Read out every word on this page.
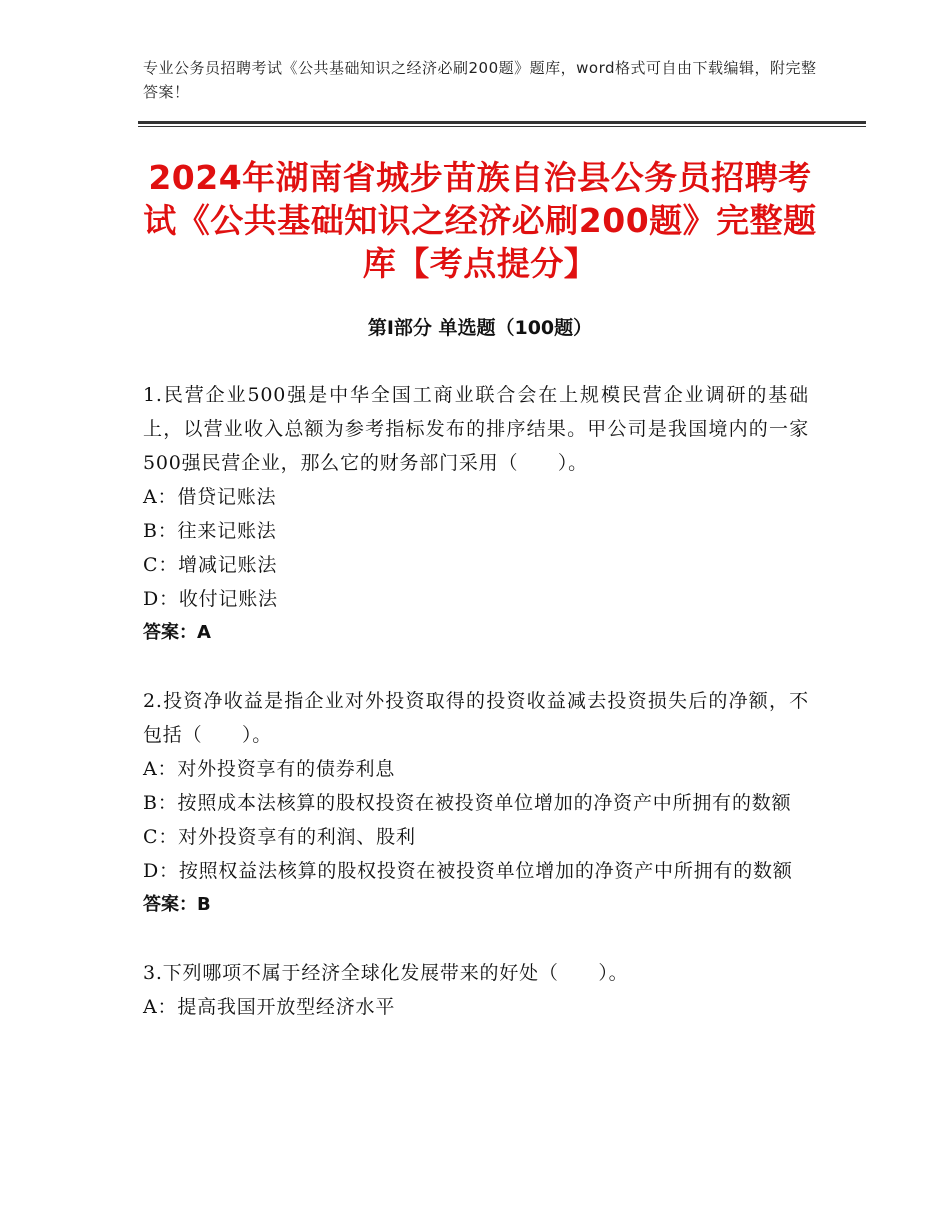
专业公务员招聘考试《公共基础知识之经济必刷200题》题库，word格式可自由下载编辑，附完整答案！
2024年湖南省城步苗族自治县公务员招聘考试《公共基础知识之经济必刷200题》完整题库【考点提分】
第Ⅰ部分 单选题（100题）

1.民营企业500强是中华全国工商业联合会在上规模民营企业调研的基础上，以营业收入总额为参考指标发布的排序结果。甲公司是我国境内的一家500强民营企业，那么它的财务部门采用（　　）。

A：借贷记账法

B：往来记账法

C：增减记账法

D：收付记账法

答案：A

2.投资净收益是指企业对外投资取得的投资收益减去投资损失后的净额，不包括（　　）。

A：对外投资享有的债券利息

B：按照成本法核算的股权投资在被投资单位增加的净资产中所拥有的数额

C：对外投资享有的利润、股利

D：按照权益法核算的股权投资在被投资单位增加的净资产中所拥有的数额

答案：B

3.下列哪项不属于经济全球化发展带来的好处（　　）。

A：提高我国开放型经济水平
